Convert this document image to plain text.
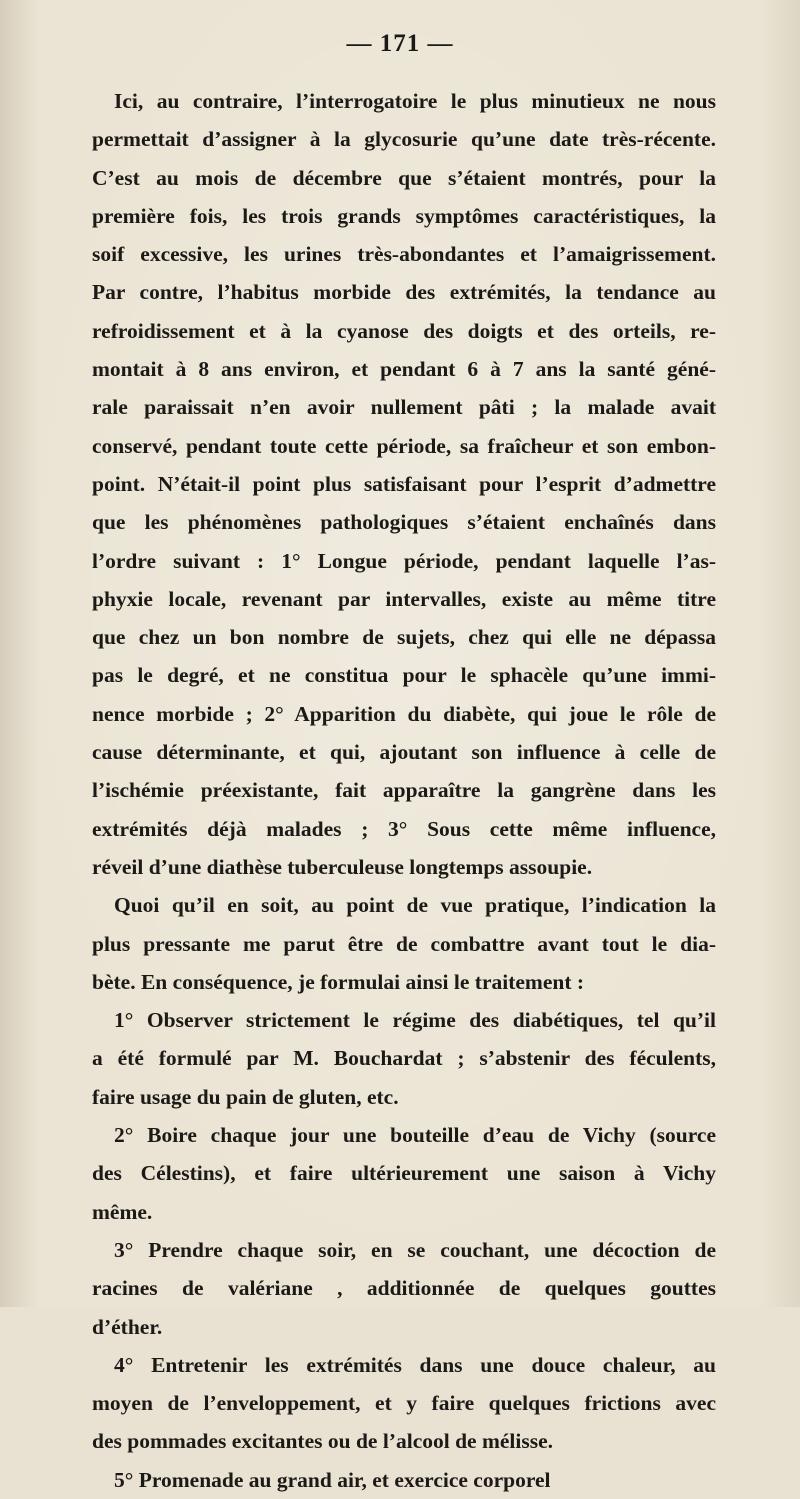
— 171 —
Ici, au contraire, l’interrogatoire le plus minutieux ne nous
permettait d’assigner à la glycosurie qu’une date très-récente.
C’est au mois de décembre que s’étaient montrés, pour la
première fois, les trois grands symptômes caractéristiques, la
soif excessive, les urines très-abondantes et l’amaigrissement.
Par contre, l’habitus morbide des extrémités, la tendance au
refroidissement et à la cyanose des doigts et des orteils, re-
montait à 8 ans environ, et pendant 6 à 7 ans la santé géné-
rale paraissait n’en avoir nullement pâti ; la malade avait
conservé, pendant toute cette période, sa fraîcheur et son embon-
point. N’était-il point plus satisfaisant pour l’esprit d’admettre
que les phénomènes pathologiques s’étaient enchaînés dans
l’ordre suivant : 1° Longue période, pendant laquelle l’as-
phyxie locale, revenant par intervalles, existe au même titre
que chez un bon nombre de sujets, chez qui elle ne dépassa
pas le degré, et ne constitua pour le sphacèle qu’une immi-
nence morbide ; 2° Apparition du diabète, qui joue le rôle de
cause déterminante, et qui, ajoutant son influence à celle de
l’ischémie préexistante, fait apparaître la gangrène dans les
extrémités déjà malades ; 3° Sous cette même influence,
réveil d’une diathèse tuberculeuse longtemps assoupie.
Quoi qu’il en soit, au point de vue pratique, l’indication la
plus pressante me parut être de combattre avant tout le dia-
bète. En conséquence, je formulai ainsi le traitement :
1° Observer strictement le régime des diabétiques, tel qu’il
a été formulé par M. Bouchardat ; s’abstenir des féculents,
faire usage du pain de gluten, etc.
2° Boire chaque jour une bouteille d’eau de Vichy (source
des Célestins), et faire ultérieurement une saison à Vichy
même.
3° Prendre chaque soir, en se couchant, une décoction de
racines de valériane , additionnée de quelques gouttes
d’éther.
4° Entretenir les extrémités dans une douce chaleur, au
moyen de l’enveloppement, et y faire quelques frictions avec
des pommades excitantes ou de l’alcool de mélisse.
5° Promenade au grand air, et exercice corporel
